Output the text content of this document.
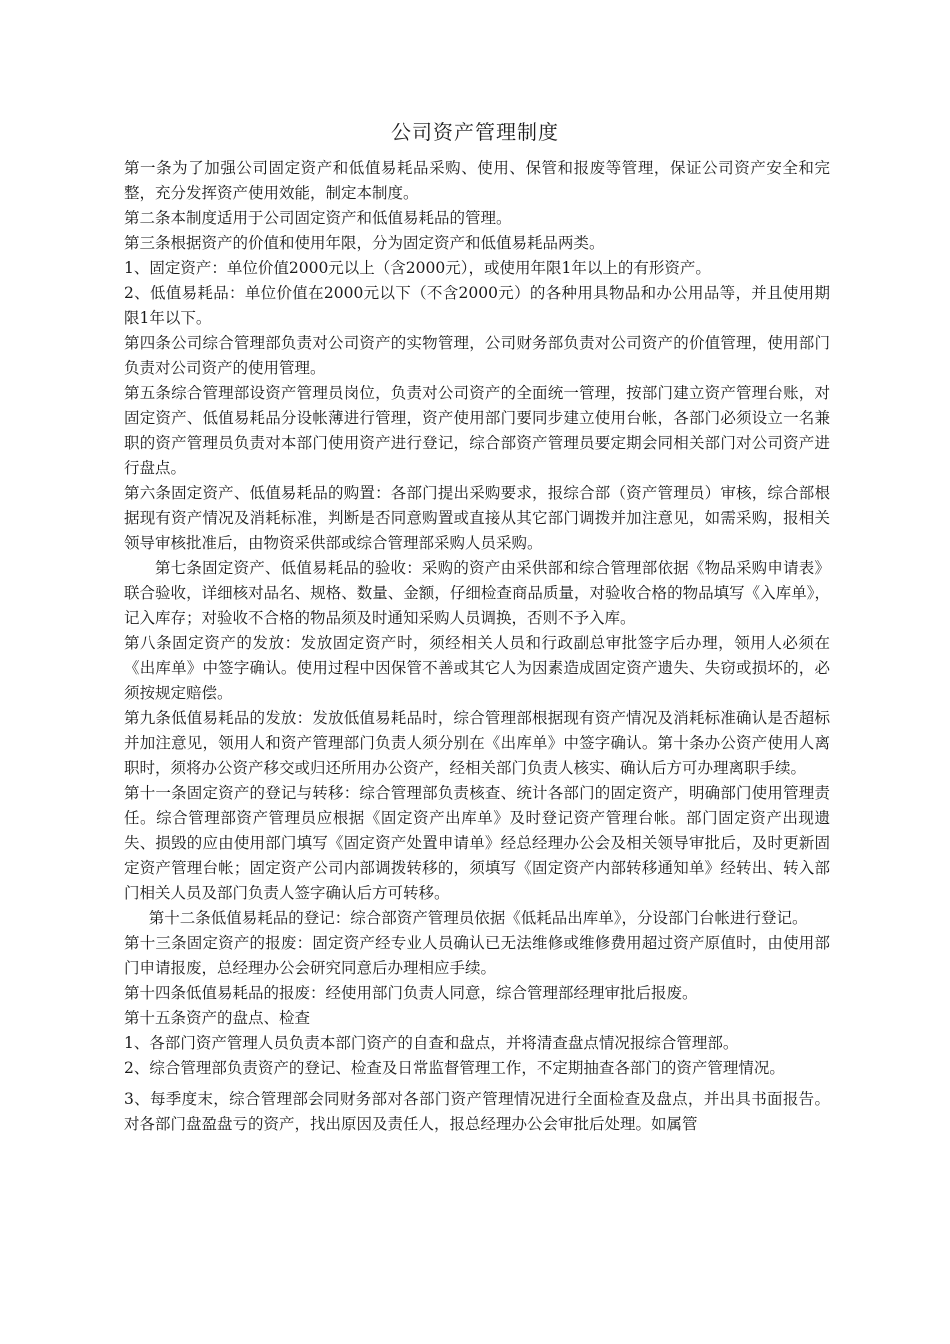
公司资产管理制度

第一条为了加强公司固定资产和低值易耗品采购、使用、保管和报废等管理，保证公司资产安全和完整，充分发挥资产使用效能，制定本制度。

第二条本制度适用于公司固定资产和低值易耗品的管理。

第三条根据资产的价值和使用年限，分为固定资产和低值易耗品两类。

1、固定资产：单位价值2000元以上（含2000元），或使用年限1年以上的有形资产。

2、低值易耗品：单位价值在2000元以下（不含2000元）的各种用具物品和办公用品等，并且使用期限1年以下。

第四条公司综合管理部负责对公司资产的实物管理，公司财务部负责对公司资产的价值管理，使用部门负责对公司资产的使用管理。

第五条综合管理部设资产管理员岗位，负责对公司资产的全面统一管理，按部门建立资产管理台账，对固定资产、低值易耗品分设帐薄进行管理，资产使用部门要同步建立使用台帐，各部门必须设立一名兼职的资产管理员负责对本部门使用资产进行登记，综合部资产管理员要定期会同相关部门对公司资产进行盘点。

第六条固定资产、低值易耗品的购置：各部门提出采购要求，报综合部（资产管理员）审核，综合部根据现有资产情况及消耗标准，判断是否同意购置或直接从其它部门调拨并加注意见，如需采购，报相关领导审核批准后，由物资采供部或综合管理部采购人员采购。

第七条固定资产、低值易耗品的验收：采购的资产由采供部和综合管理部依据《物品采购申请表》联合验收，详细核对品名、规格、数量、金额，仔细检查商品质量，对验收合格的物品填写《入库单》，记入库存；对验收不合格的物品须及时通知采购人员调换，否则不予入库。

第八条固定资产的发放：发放固定资产时，须经相关人员和行政副总审批签字后办理，领用人必须在《出库单》中签字确认。使用过程中因保管不善或其它人为因素造成固定资产遗失、失窃或损坏的，必须按规定赔偿。

第九条低值易耗品的发放：发放低值易耗品时，综合管理部根据现有资产情况及消耗标准确认是否超标并加注意见，领用人和资产管理部门负责人须分别在《出库单》中签字确认。第十条办公资产使用人离职时，须将办公资产移交或归还所用办公资产，经相关部门负责人核实、确认后方可办理离职手续。

第十一条固定资产的登记与转移：综合管理部负责核查、统计各部门的固定资产，明确部门使用管理责任。综合管理部资产管理员应根据《固定资产出库单》及时登记资产管理台帐。部门固定资产出现遗失、损毁的应由使用部门填写《固定资产处置申请单》经总经理办公会及相关领导审批后，及时更新固定资产管理台帐；固定资产公司内部调拨转移的，须填写《固定资产内部转移通知单》经转出、转入部门相关人员及部门负责人签字确认后方可转移。

第十二条低值易耗品的登记：综合部资产管理员依据《低耗品出库单》，分设部门台帐进行登记。

第十三条固定资产的报废：固定资产经专业人员确认已无法维修或维修费用超过资产原值时，由使用部门申请报废，总经理办公会研究同意后办理相应手续。

第十四条低值易耗品的报废：经使用部门负责人同意，综合管理部经理审批后报废。

第十五条资产的盘点、检查

1、各部门资产管理人员负责本部门资产的自查和盘点，并将清查盘点情况报综合管理部。

2、综合管理部负责资产的登记、检查及日常监督管理工作，不定期抽查各部门的资产管理情况。

3、每季度末，综合管理部会同财务部对各部门资产管理情况进行全面检查及盘点，并出具书面报告。对各部门盘盈盘亏的资产，找出原因及责任人，报总经理办公会审批后处理。如属管
